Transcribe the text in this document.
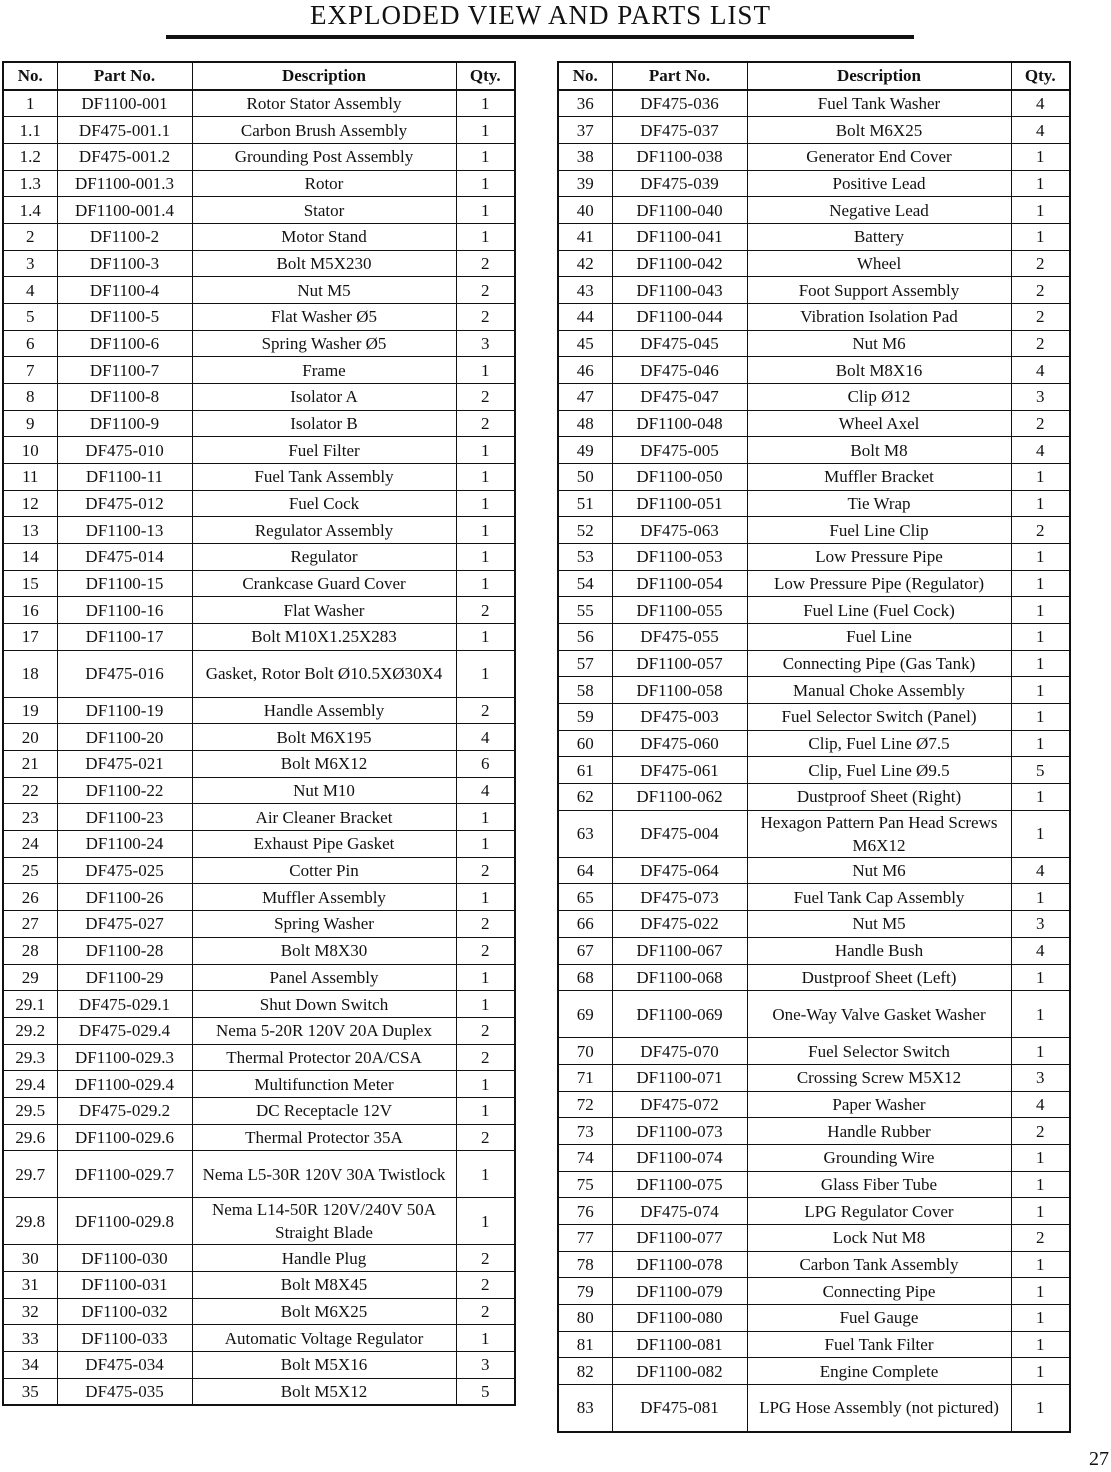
EXPLODED VIEW AND PARTS LIST
No.	Part No.	Description	Qty.
1	DF1100-001	Rotor Stator Assembly	1
1.1	DF475-001.1	Carbon Brush Assembly	1
1.2	DF475-001.2	Grounding Post Assembly	1
1.3	DF1100-001.3	Rotor	1
1.4	DF1100-001.4	Stator	1
2	DF1100-2	Motor Stand	1
3	DF1100-3	Bolt M5X230	2
4	DF1100-4	Nut M5	2
5	DF1100-5	Flat Washer Ø5	2
6	DF1100-6	Spring Washer Ø5	3
7	DF1100-7	Frame	1
8	DF1100-8	Isolator A	2
9	DF1100-9	Isolator B	2
10	DF475-010	Fuel Filter	1
11	DF1100-11	Fuel Tank Assembly	1
12	DF475-012	Fuel Cock	1
13	DF1100-13	Regulator Assembly	1
14	DF475-014	Regulator	1
15	DF1100-15	Crankcase Guard Cover	1
16	DF1100-16	Flat Washer	2
17	DF1100-17	Bolt M10X1.25X283	1
18	DF475-016	Gasket, Rotor Bolt Ø10.5XØ30X4	1
19	DF1100-19	Handle Assembly	2
20	DF1100-20	Bolt M6X195	4
21	DF475-021	Bolt M6X12	6
22	DF1100-22	Nut M10	4
23	DF1100-23	Air Cleaner Bracket	1
24	DF1100-24	Exhaust Pipe Gasket	1
25	DF475-025	Cotter Pin	2
26	DF1100-26	Muffler Assembly	1
27	DF475-027	Spring Washer	2
28	DF1100-28	Bolt M8X30	2
29	DF1100-29	Panel Assembly	1
29.1	DF475-029.1	Shut Down Switch	1
29.2	DF475-029.4	Nema 5-20R 120V 20A Duplex	2
29.3	DF1100-029.3	Thermal Protector 20A/CSA	2
29.4	DF1100-029.4	Multifunction Meter	1
29.5	DF475-029.2	DC Receptacle 12V	1
29.6	DF1100-029.6	Thermal Protector 35A	2
29.7	DF1100-029.7	Nema L5-30R 120V 30A Twistlock	1
29.8	DF1100-029.8	Nema L14-50R 120V/240V 50A Straight Blade	1
30	DF1100-030	Handle Plug	2
31	DF1100-031	Bolt M8X45	2
32	DF1100-032	Bolt M6X25	2
33	DF1100-033	Automatic Voltage Regulator	1
34	DF475-034	Bolt M5X16	3
35	DF475-035	Bolt M5X12	5
No.	Part No.	Description	Qty.
36	DF475-036	Fuel Tank Washer	4
37	DF475-037	Bolt M6X25	4
38	DF1100-038	Generator End Cover	1
39	DF475-039	Positive Lead	1
40	DF1100-040	Negative Lead	1
41	DF1100-041	Battery	1
42	DF1100-042	Wheel	2
43	DF1100-043	Foot Support Assembly	2
44	DF1100-044	Vibration Isolation Pad	2
45	DF475-045	Nut M6	2
46	DF475-046	Bolt M8X16	4
47	DF475-047	Clip Ø12	3
48	DF1100-048	Wheel Axel	2
49	DF475-005	Bolt M8	4
50	DF1100-050	Muffler Bracket	1
51	DF1100-051	Tie Wrap	1
52	DF475-063	Fuel Line Clip	2
53	DF1100-053	Low Pressure Pipe	1
54	DF1100-054	Low Pressure Pipe (Regulator)	1
55	DF1100-055	Fuel Line (Fuel Cock)	1
56	DF475-055	Fuel Line	1
57	DF1100-057	Connecting Pipe (Gas Tank)	1
58	DF1100-058	Manual Choke Assembly	1
59	DF475-003	Fuel Selector Switch (Panel)	1
60	DF475-060	Clip, Fuel Line Ø7.5	1
61	DF475-061	Clip, Fuel Line Ø9.5	5
62	DF1100-062	Dustproof Sheet (Right)	1
63	DF475-004	Hexagon Pattern Pan Head Screws M6X12	1
64	DF475-064	Nut M6	4
65	DF475-073	Fuel Tank Cap Assembly	1
66	DF475-022	Nut M5	3
67	DF1100-067	Handle Bush	4
68	DF1100-068	Dustproof Sheet (Left)	1
69	DF1100-069	One-Way Valve Gasket Washer	1
70	DF475-070	Fuel Selector Switch	1
71	DF1100-071	Crossing Screw M5X12	3
72	DF475-072	Paper Washer	4
73	DF1100-073	Handle Rubber	2
74	DF1100-074	Grounding Wire	1
75	DF1100-075	Glass Fiber Tube	1
76	DF475-074	LPG Regulator Cover	1
77	DF1100-077	Lock Nut M8	2
78	DF1100-078	Carbon Tank Assembly	1
79	DF1100-079	Connecting Pipe	1
80	DF1100-080	Fuel Gauge	1
81	DF1100-081	Fuel Tank Filter	1
82	DF1100-082	Engine Complete	1
83	DF475-081	LPG Hose Assembly (not pictured)	1
27
